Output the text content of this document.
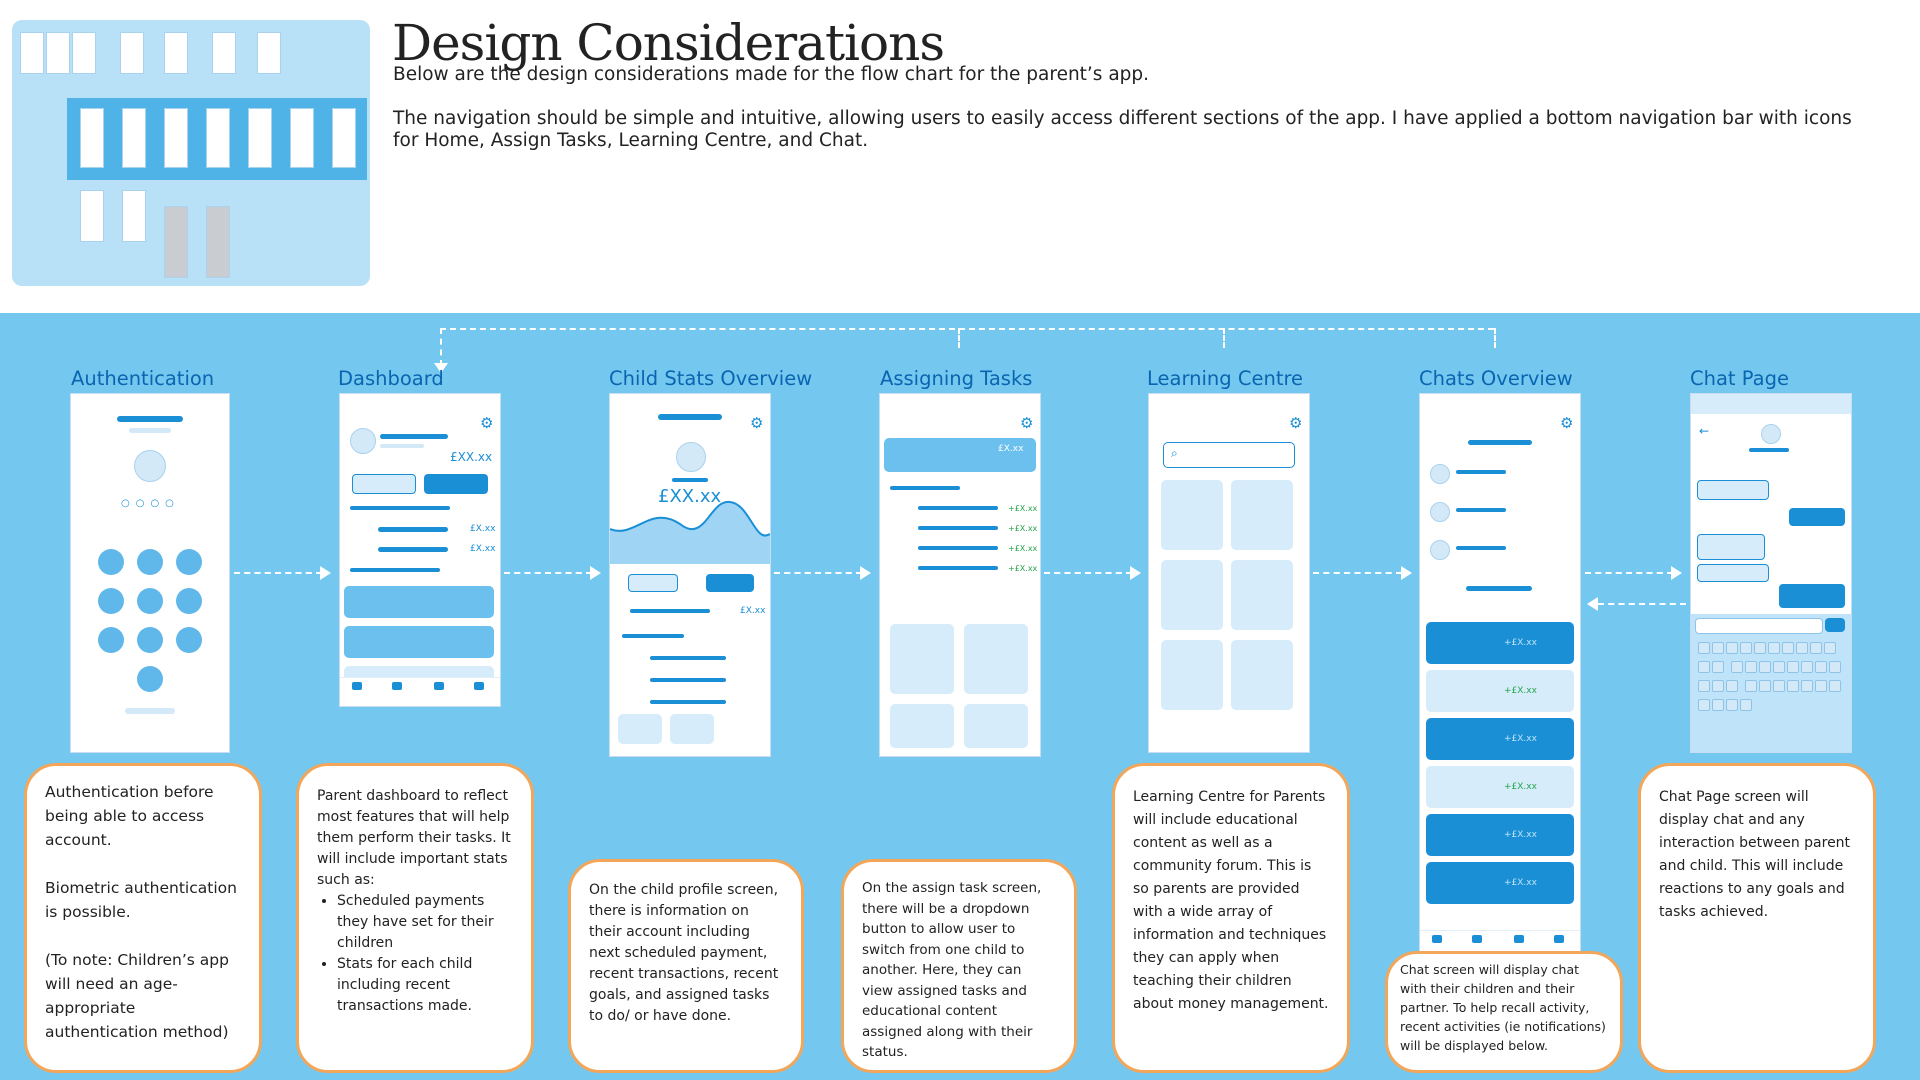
Design Considerations

Below are the design considerations made for the flow chart for the parent’s app.

The navigation should be simple and intuitive, allowing users to easily access different sections of the app. I have applied a bottom navigation bar with icons for Home, Assign Tasks, Learning Centre, and Chat.

Authentication	Dashboard	Child Stats Overview	Assigning Tasks	Learning Centre	Chats Overview	Chat Page
○○○○
⚙
£XX.xx
£X.xx
£X.xx
⚙
£XX.xx
£X.xx
⚙
£X.xx
+£X.xx
+£X.xx
+£X.xx
+£X.xx
⚙
⌕
⚙
+£X.xx
+£X.xx
+£X.xx
+£X.xx
+£X.xx
+£X.xx
←

Authentication before being able to access account.

Biometric authentication is possible.

(To note: Children’s app will need an age-appropriate authentication method)

Parent dashboard to reflect most features that will help them perform their tasks. It will include important stats such as:
• Scheduled payments they have set for their children
• Stats for each child including recent transactions made.
On the child profile screen, there is information on their account including next scheduled payment, recent transactions, recent goals, and assigned tasks to do/ or have done.
On the assign task screen, there will be a dropdown button to allow user to switch from one child to another. Here, they can view assigned tasks and educational content assigned along with their status.
Learning Centre for Parents will include educational content as well as a community forum. This is so parents are provided with a wide array of information and techniques they can apply when teaching their children about money management.
Chat screen will display chat with their children and their partner. To help recall activity, recent activities (ie notifications) will be displayed below.
Chat Page screen will display chat and any interaction between parent and child. This will include reactions to any goals and tasks achieved.
